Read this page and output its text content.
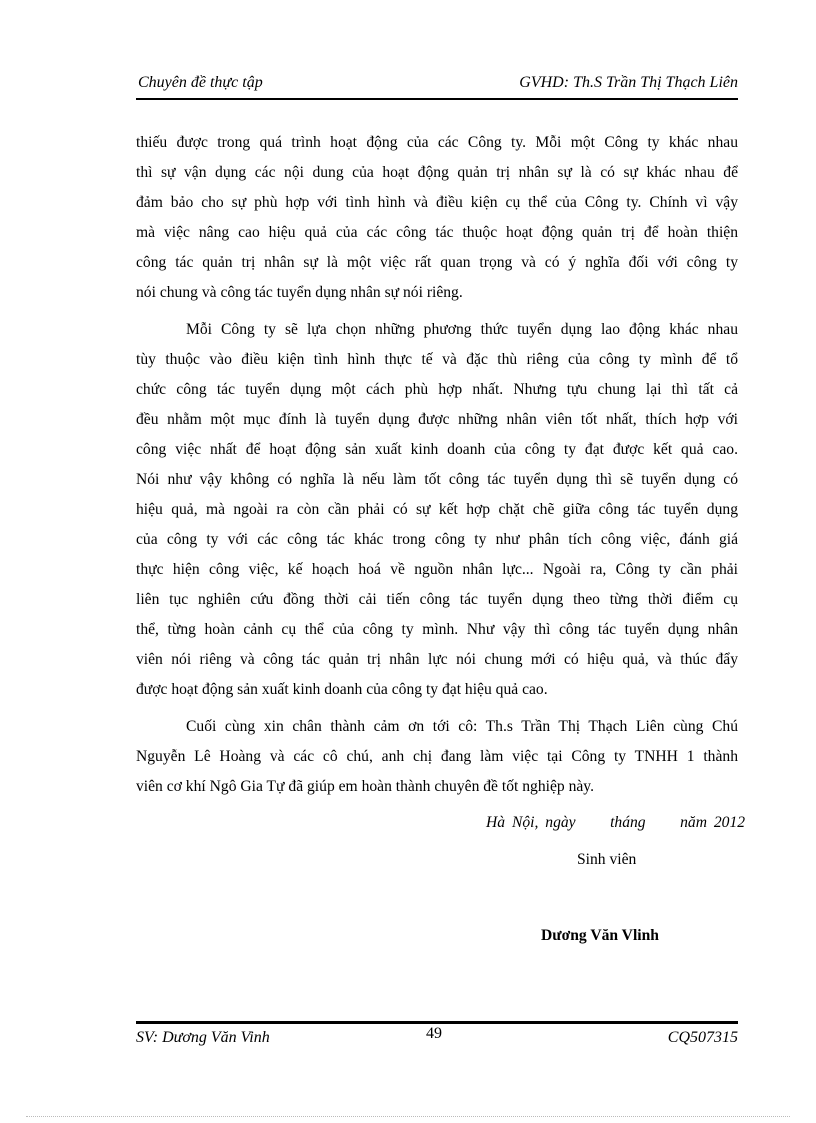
Chuyên đề thực tập	GVHD: Th.S Trần Thị Thạch Liên
thiếu được trong quá trình hoạt động của các Công ty. Mỗi một Công ty khác nhau
thì sự vận dụng các nội dung của hoạt động quản trị nhân sự là có sự khác nhau để
đảm bảo cho sự phù hợp với tình hình và điều kiện cụ thể của Công ty. Chính vì vậy
mà việc nâng cao hiệu quả của các công tác thuộc hoạt động quản trị để hoàn thiện
công tác quản trị nhân sự là một việc rất quan trọng và có ý nghĩa đối với công ty
nói chung và công tác tuyển dụng nhân sự nói riêng.
Mỗi Công ty sẽ lựa chọn những phương thức tuyển dụng lao động khác nhau
tùy thuộc vào điều kiện tình hình thực tế và đặc thù riêng của công ty mình để tổ
chức công tác tuyển dụng một cách phù hợp nhất. Nhưng tựu chung lại thì tất cả
đều nhằm một mục đính là tuyển dụng được những nhân viên tốt nhất, thích hợp với
công việc nhất để hoạt động sản xuất kinh doanh của công ty đạt được kết quả cao.
Nói như vậy không có nghĩa là nếu làm tốt công tác tuyển dụng thì sẽ tuyển dụng có
hiệu quả, mà ngoài ra còn cần phải có sự kết hợp chặt chẽ giữa công tác tuyển dụng
của công ty với các công tác khác trong công ty như phân tích công việc, đánh giá
thực hiện công việc, kế hoạch hoá về nguồn nhân lực... Ngoài ra, Công ty cần phải
liên tục nghiên cứu đồng thời cải tiến công tác tuyển dụng theo từng thời điểm cụ
thể, từng hoàn cảnh cụ thể của công ty mình. Như vậy thì công tác tuyển dụng nhân
viên nói riêng và công tác quản trị nhân lực nói chung mới có hiệu quả, và thúc đẩy
được hoạt động sản xuất kinh doanh của công ty đạt hiệu quả cao.
Cuối cùng xin chân thành cảm ơn tới cô: Th.s Trần Thị Thạch Liên cùng Chú
Nguyễn Lê Hoàng và các cô chú, anh chị đang làm việc tại Công ty TNHH 1 thành
viên cơ khí Ngô Gia Tự đã giúp em hoàn thành chuyên đề tốt nghiệp này.
Hà Nội, ngày     tháng     năm 2012
Sinh viên
Dương Văn Vlinh
SV: Dương Văn Vinh	49	CQ507315
